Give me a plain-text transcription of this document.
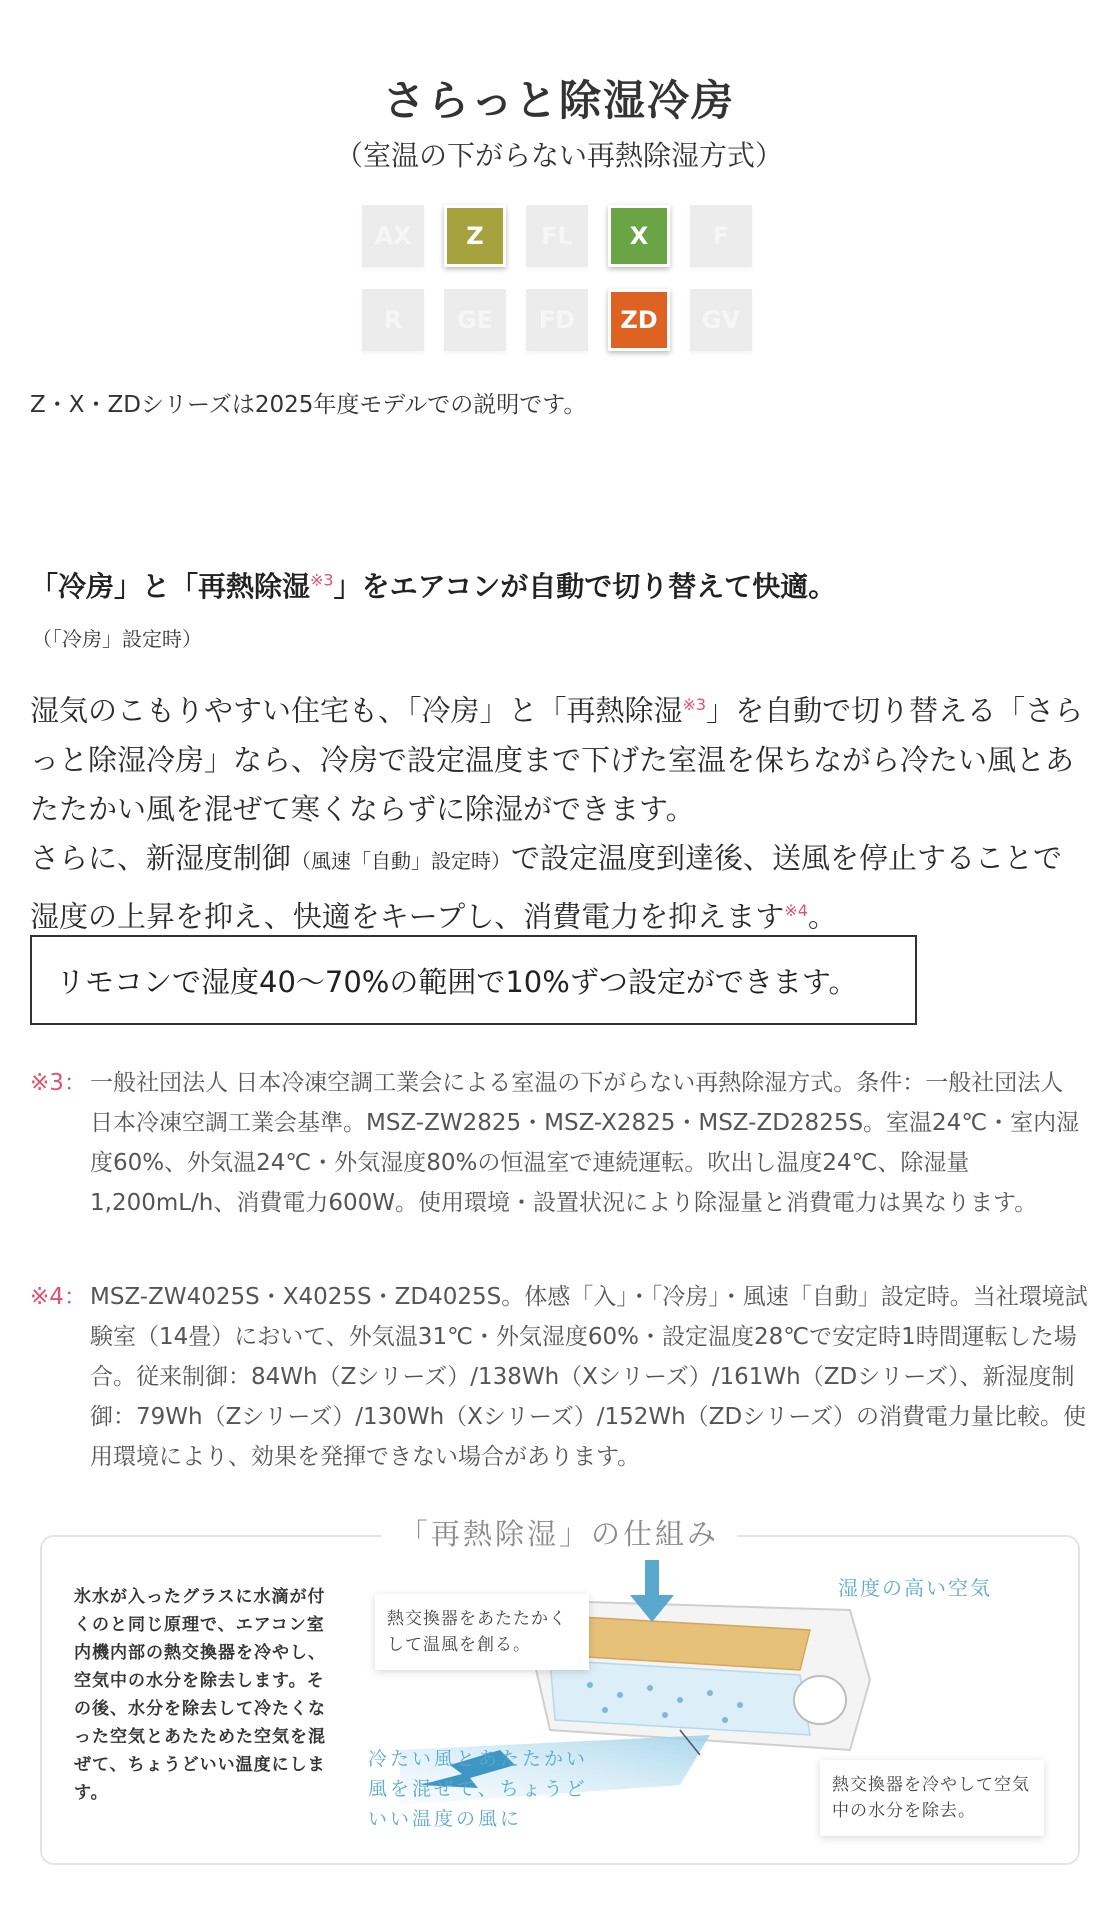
さらっと除湿冷房
（室温の下がらない再熱除湿方式）
AX	Z	FL	X	F
R	GE	FD	ZD	GV
Z・X・ZDシリーズは2025年度モデルでの説明です。
「冷房」と「再熱除湿$^{※3}$」をエアコンが自動で切り替えて快適。
（「冷房」設定時）
湿気のこもりやすい住宅も、「冷房」と「再熱除湿$^{※3}$」を自動で切り替える「さらっと除湿冷房」なら、冷房で設定温度まで下げた室温を保ちながら冷たい風とあたたかい風を混ぜて寒くならずに除湿ができます。
さらに、新湿度制御（風速「自動」設定時）で設定温度到達後、送風を停止することで湿度の上昇を抑え、快適をキープし、消費電力を抑えます$^{※4}$。
リモコンで湿度40〜70%の範囲で10%ずつ設定ができます。
※3： 一般社団法人 日本冷凍空調工業会による室温の下がらない再熱除湿方式。条件：一般社団法人 日本冷凍空調工業会基準。MSZ-ZW2825・MSZ-X2825・MSZ-ZD2825S。室温24℃・室内湿度60%、外気温24℃・外気湿度80%の恒温室で連続運転。吹出し温度24℃、除湿量1,200mL/h、消費電力600W。使用環境・設置状況により除湿量と消費電力は異なります。
※4： MSZ-ZW4025S・X4025S・ZD4025S。体感「入」・「冷房」・風速「自動」設定時。当社環境試験室（14畳）において、外気温31℃・外気湿度60%・設定温度28℃で安定時1時間運転した場合。従来制御：84Wh（Zシリーズ）/138Wh（Xシリーズ）/161Wh（ZDシリーズ）、新湿度制御：79Wh（Zシリーズ）/130Wh（Xシリーズ）/152Wh（ZDシリーズ）の消費電力量比較。使用環境により、効果を発揮できない場合があります。
「再熱除湿」の仕組み
氷水が入ったグラスに水滴が付くのと同じ原理で、エアコン室内機内部の熱交換器を冷やし、空気中の水分を除去します。その後、水分を除去して冷たくなった空気とあたためた空気を混ぜて、ちょうどいい温度にします。
熱交換器をあたたかくして温風を創る。
湿度の高い空気
冷たい風とあたたかい風を混ぜて、ちょうどいい温度の風に
熱交換器を冷やして空気中の水分を除去。
